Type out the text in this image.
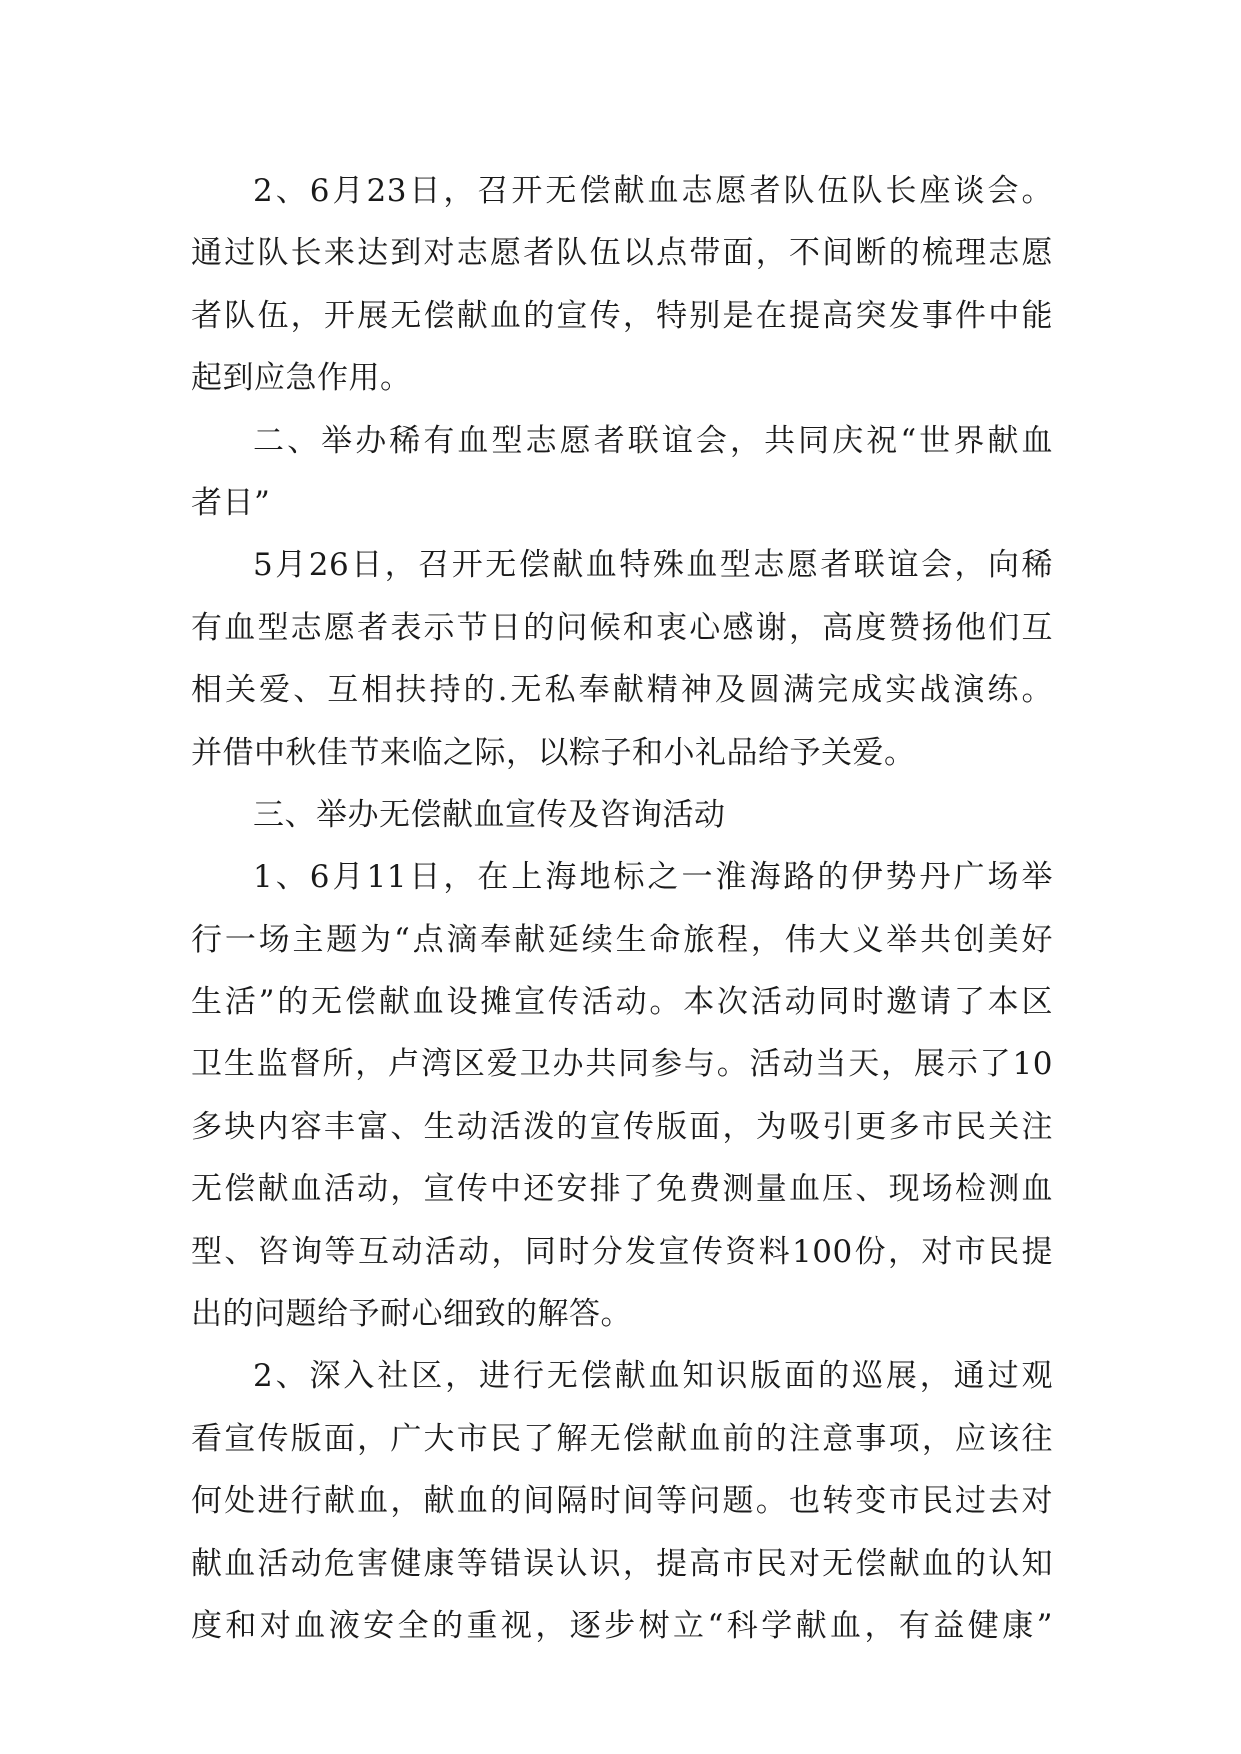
2、6月23日，召开无偿献血志愿者队伍队长座谈会。
通过队长来达到对志愿者队伍以点带面，不间断的梳理志愿
者队伍，开展无偿献血的宣传，特别是在提高突发事件中能
起到应急作用。
二、举办稀有血型志愿者联谊会，共同庆祝“世界献血
者日”
5月26日，召开无偿献血特殊血型志愿者联谊会，向稀
有血型志愿者表示节日的问候和衷心感谢，高度赞扬他们互
相关爱、互相扶持的.无私奉献精神及圆满完成实战演练。
并借中秋佳节来临之际，以粽子和小礼品给予关爱。
三、举办无偿献血宣传及咨询活动
1、6月11日，在上海地标之一淮海路的伊势丹广场举
行一场主题为“点滴奉献延续生命旅程，伟大义举共创美好
生活”的无偿献血设摊宣传活动。本次活动同时邀请了本区
卫生监督所，卢湾区爱卫办共同参与。活动当天，展示了10
多块内容丰富、生动活泼的宣传版面，为吸引更多市民关注
无偿献血活动，宣传中还安排了免费测量血压、现场检测血
型、咨询等互动活动，同时分发宣传资料100份，对市民提
出的问题给予耐心细致的解答。
2、深入社区，进行无偿献血知识版面的巡展，通过观
看宣传版面，广大市民了解无偿献血前的注意事项，应该往
何处进行献血，献血的间隔时间等问题。也转变市民过去对
献血活动危害健康等错误认识，提高市民对无偿献血的认知
度和对血液安全的重视，逐步树立“科学献血，有益健康”
